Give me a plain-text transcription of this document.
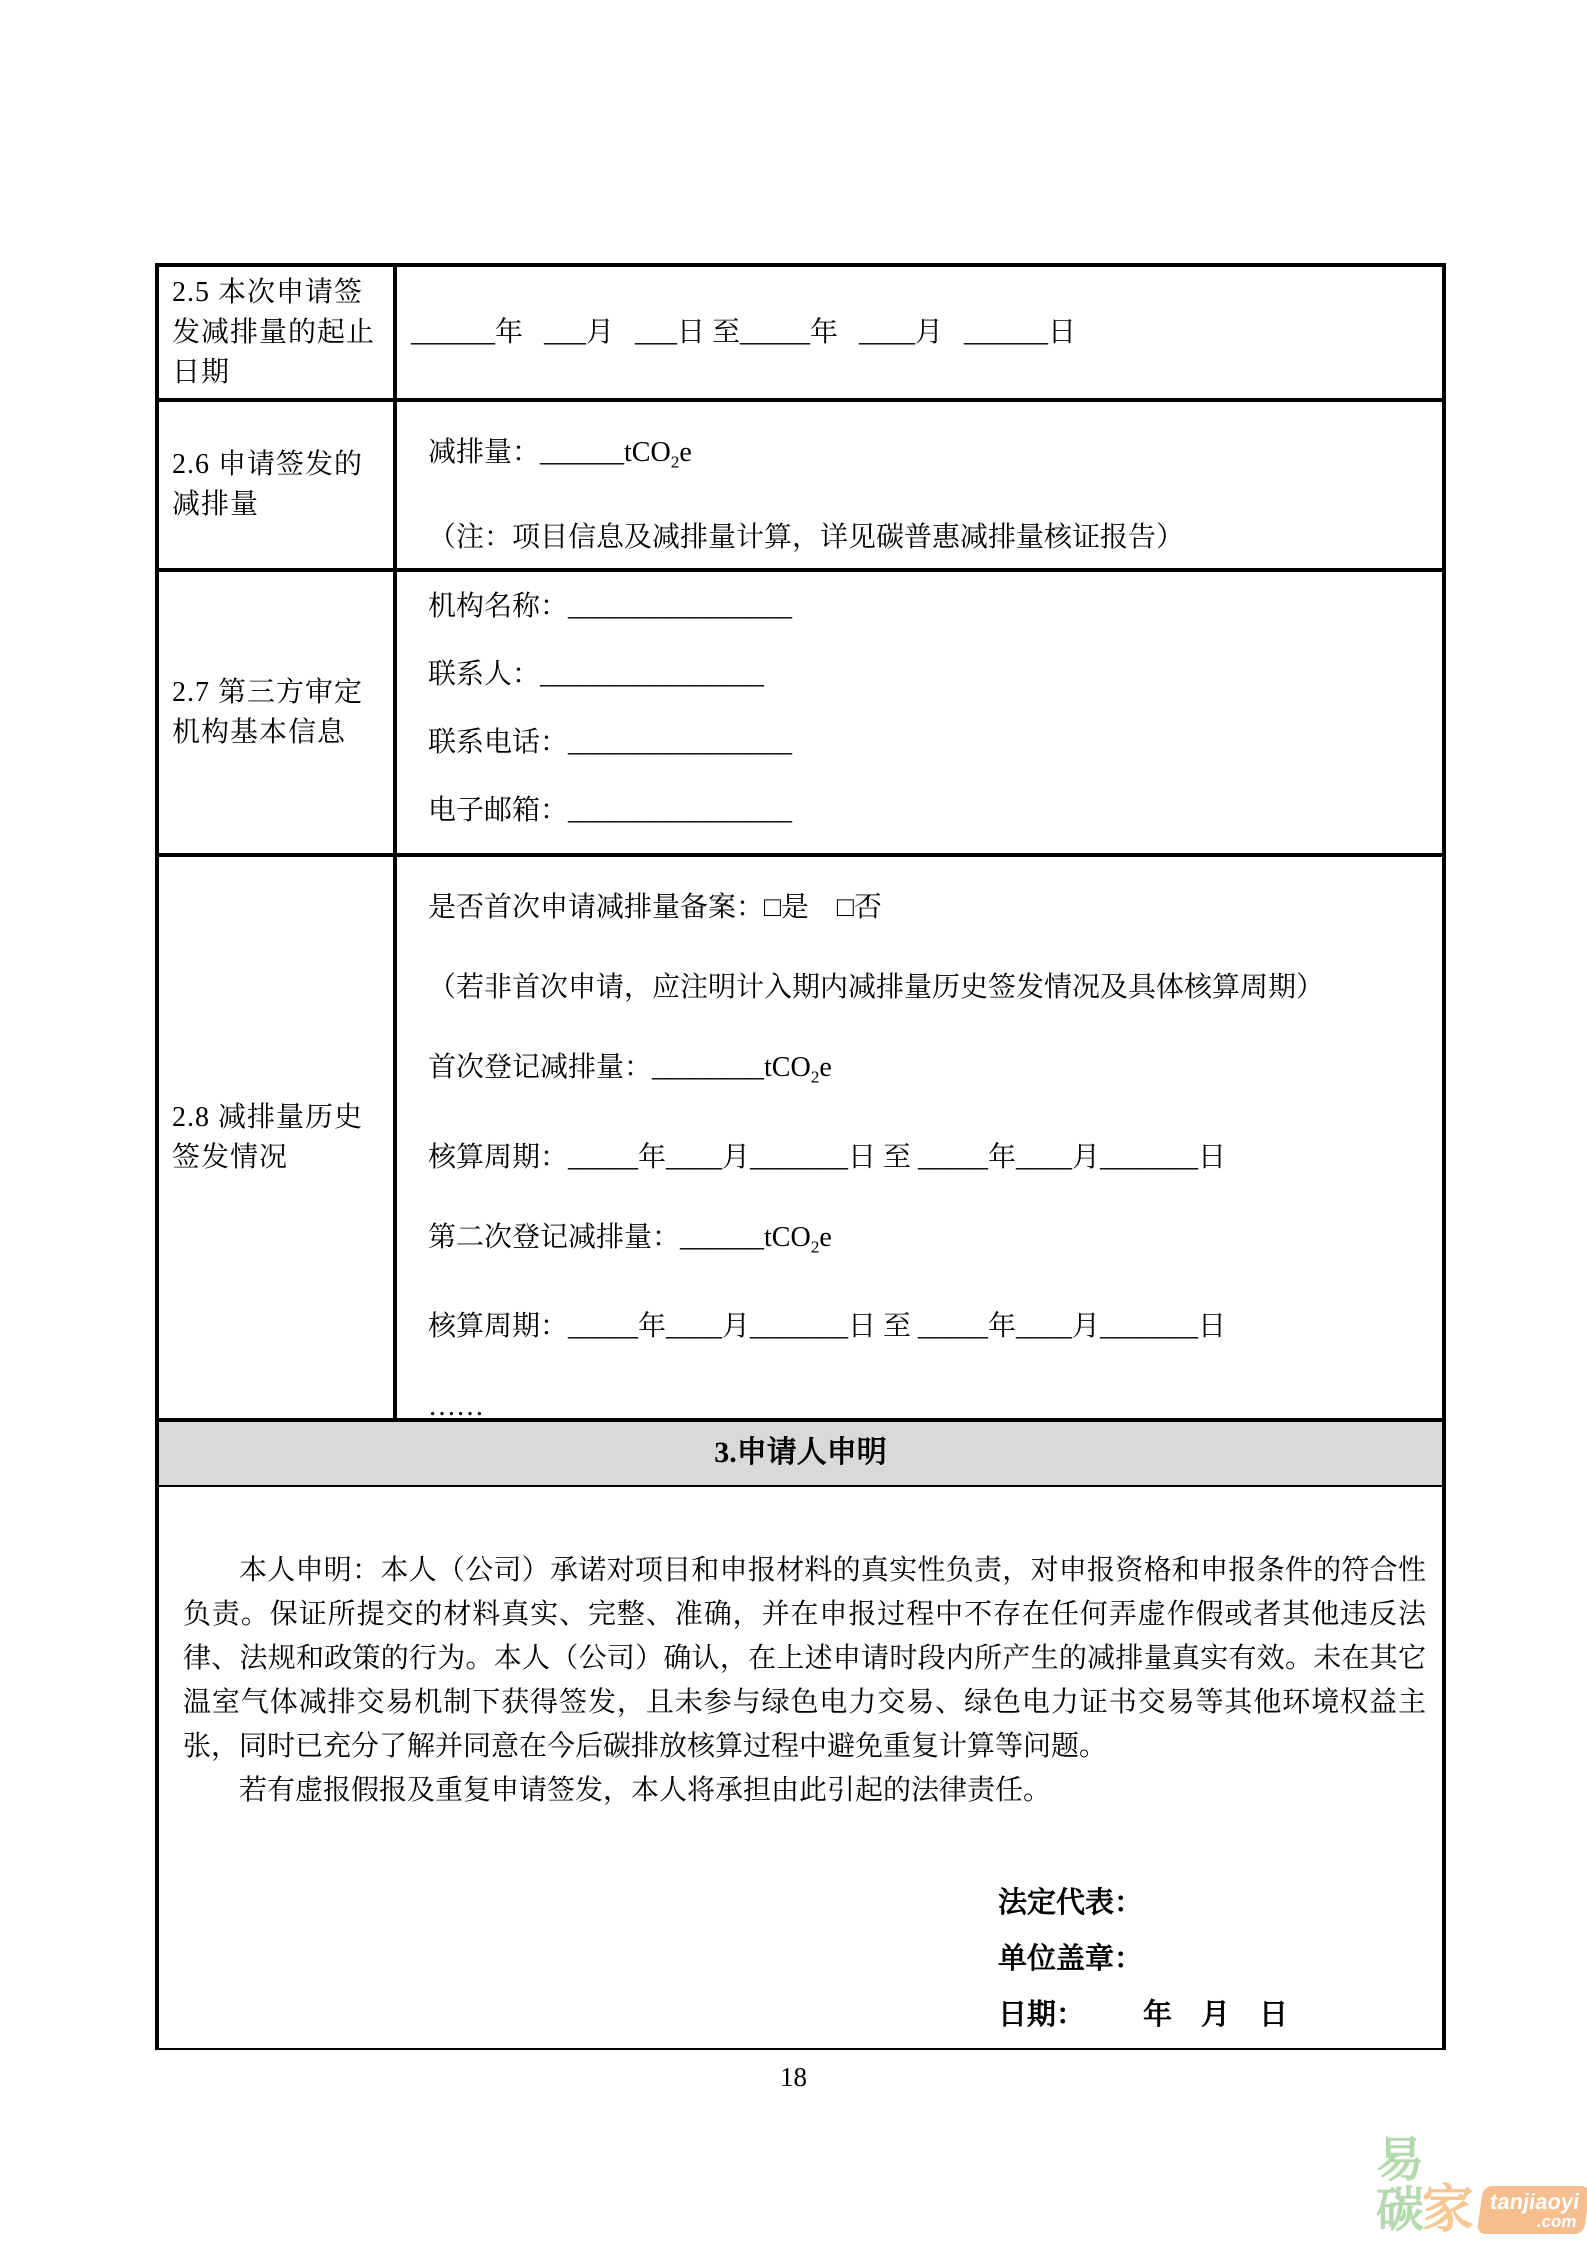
2.5 本次申请签
发减排量的起止
日期
______年   ___月   ___日 至_____年   ____月   ______日
2.6 申请签发的
减排量
减排量：______tCO$_2$e
（注：项目信息及减排量计算，详见碳普惠减排量核证报告）
2.7 第三方审定
机构基本信息
机构名称：________________
联系人：________________
联系电话：________________
电子邮箱：________________
2.8 减排量历史
签发情况
是否首次申请减排量备案：□是    □否
（若非首次申请，应注明计入期内减排量历史签发情况及具体核算周期）
首次登记减排量：________tCO$_2$e
核算周期：_____年____月_______日 至 _____年____月_______日
第二次登记减排量：______tCO$_2$e
核算周期：_____年____月_______日 至 _____年____月_______日
……
3.申请人申明

本人申明：本人（公司）承诺对项目和申报材料的真实性负责，对申报资格和申报条件的符合性负责。保证所提交的材料真实、完整、准确，并在申报过程中不存在任何弄虚作假或者其他违反法律、法规和政策的行为。本人（公司）确认，在上述申请时段内所产生的减排量真实有效。未在其它温室气体减排交易机制下获得签发，且未参与绿色电力交易、绿色电力证书交易等其他环境权益主张，同时已充分了解并同意在今后碳排放核算过程中避免重复计算等问题。

若有虚报假报及重复申请签发，本人将承担由此引起的法律责任。

法定代表：
单位盖章：
日期：        年    月    日
18
易碳 家 tanjiaoyi
.com
